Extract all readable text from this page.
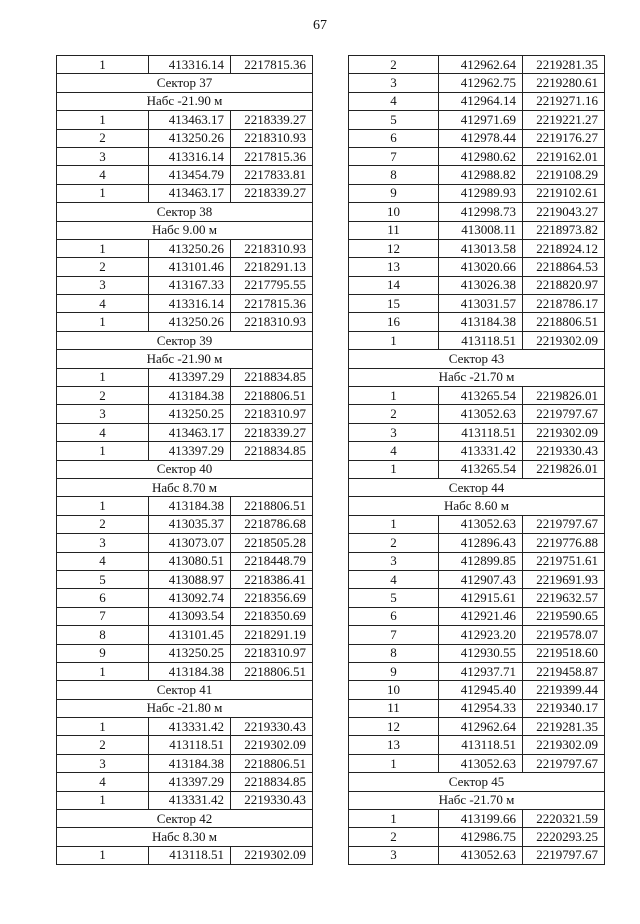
67
1	413316.14	2217815.36
Сектор 37		
Набс -21.90 м		
1	413463.17	2218339.27
2	413250.26	2218310.93
3	413316.14	2217815.36
4	413454.79	2217833.81
1	413463.17	2218339.27
Сектор 38		
Набс 9.00 м		
1	413250.26	2218310.93
2	413101.46	2218291.13
3	413167.33	2217795.55
4	413316.14	2217815.36
1	413250.26	2218310.93
Сектор 39		
Набс -21.90 м		
1	413397.29	2218834.85
2	413184.38	2218806.51
3	413250.25	2218310.97
4	413463.17	2218339.27
1	413397.29	2218834.85
Сектор 40		
Набс 8.70 м		
1	413184.38	2218806.51
2	413035.37	2218786.68
3	413073.07	2218505.28
4	413080.51	2218448.79
5	413088.97	2218386.41
6	413092.74	2218356.69
7	413093.54	2218350.69
8	413101.45	2218291.19
9	413250.25	2218310.97
1	413184.38	2218806.51
Сектор 41		
Набс -21.80 м		
1	413331.42	2219330.43
2	413118.51	2219302.09
3	413184.38	2218806.51
4	413397.29	2218834.85
1	413331.42	2219330.43
Сектор 42		
Набс 8.30 м		
1	413118.51	2219302.09
2	412962.64	2219281.35
3	412962.75	2219280.61
4	412964.14	2219271.16
5	412971.69	2219221.27
6	412978.44	2219176.27
7	412980.62	2219162.01
8	412988.82	2219108.29
9	412989.93	2219102.61
10	412998.73	2219043.27
11	413008.11	2218973.82
12	413013.58	2218924.12
13	413020.66	2218864.53
14	413026.38	2218820.97
15	413031.57	2218786.17
16	413184.38	2218806.51
1	413118.51	2219302.09
Сектор 43		
Набс -21.70 м		
1	413265.54	2219826.01
2	413052.63	2219797.67
3	413118.51	2219302.09
4	413331.42	2219330.43
1	413265.54	2219826.01
Сектор 44		
Набс 8.60 м		
1	413052.63	2219797.67
2	412896.43	2219776.88
3	412899.85	2219751.61
4	412907.43	2219691.93
5	412915.61	2219632.57
6	412921.46	2219590.65
7	412923.20	2219578.07
8	412930.55	2219518.60
9	412937.71	2219458.87
10	412945.40	2219399.44
11	412954.33	2219340.17
12	412962.64	2219281.35
13	413118.51	2219302.09
1	413052.63	2219797.67
Сектор 45		
Набс -21.70 м		
1	413199.66	2220321.59
2	412986.75	2220293.25
3	413052.63	2219797.67
